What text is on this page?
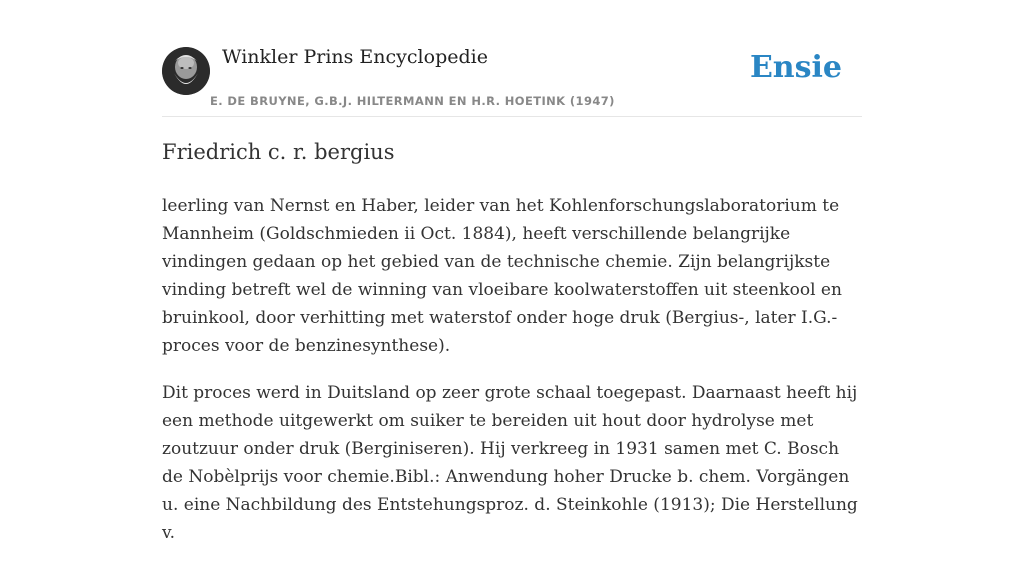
Winkler Prins Encyclopedie
E. DE BRUYNE, G.B.J. HILTERMANN EN H.R. HOETINK (1947)
Ensie
Friedrich c. r. bergius

leerling van Nernst en Haber, leider van het Kohlenforschungslaboratorium te Mannheim (Goldschmieden ii Oct. 1884), heeft verschillende belangrijke vindingen gedaan op het gebied van de technische chemie. Zijn belangrijkste vinding betreft wel de winning van vloeibare koolwaterstoffen uit steenkool en bruinkool, door verhitting met waterstof onder hoge druk (Bergius-, later I.G.-proces voor de benzinesynthese).

Dit proces werd in Duitsland op zeer grote schaal toegepast. Daarnaast heeft hij een methode uitgewerkt om suiker te bereiden uit hout door hydrolyse met zoutzuur onder druk (Berginiseren). Hij verkreeg in 1931 samen met C. Bosch de Nobèlprijs voor chemie.Bibl.: Anwendung hoher Drucke b. chem. Vorgängen u. eine Nachbildung des Entstehungsproz. d. Steinkohle (1913); Die Herstellung v.
